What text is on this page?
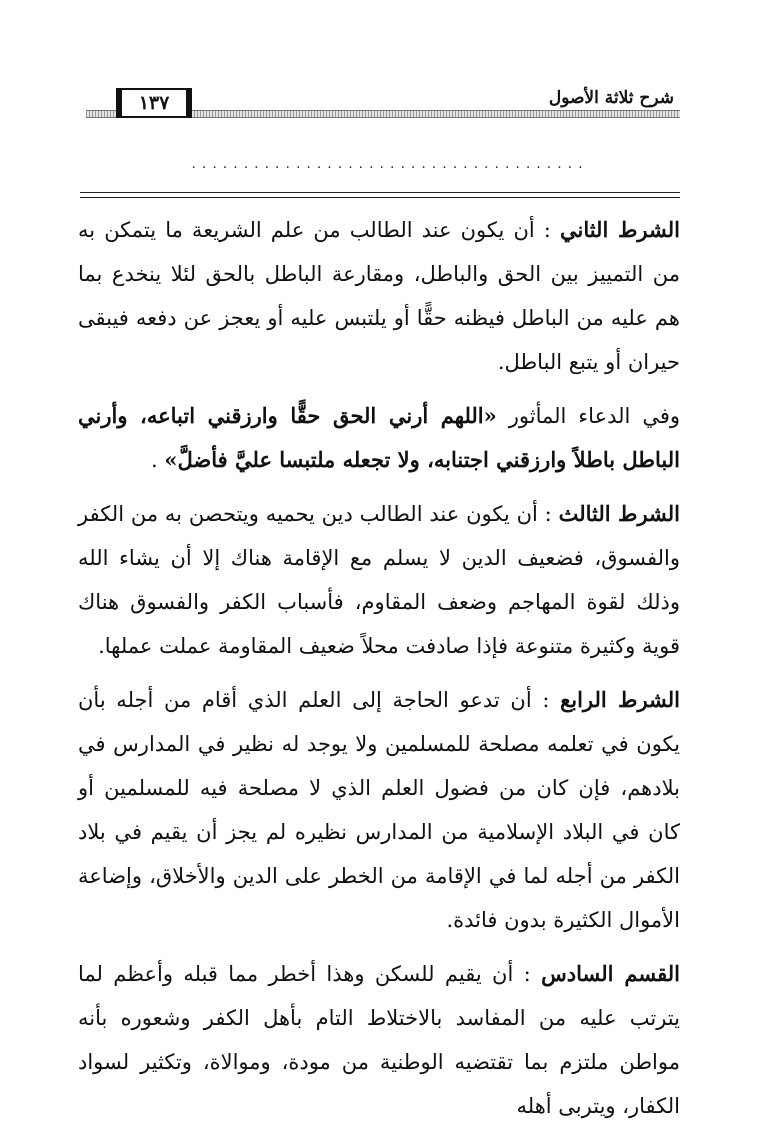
١٣٧	شرح ثلاثة الأصول
......................................

الشرط الثاني : أن يكون عند الطالب من علم الشريعة ما يتمكن به من التمييز بين الحق والباطل، ومقارعة الباطل بالحق لئلا ينخدع بما هم عليه من الباطل فيظنه حقًّا أو يلتبس عليه أو يعجز عن دفعه فيبقى حيران أو يتبع الباطل.

وفي الدعاء المأثور «اللهم أرني الحق حقًّا وارزقني اتباعه، وأرني الباطل باطلاً وارزقني اجتنابه، ولا تجعله ملتبسا عليَّ فأضلَّ» .

الشرط الثالث : أن يكون عند الطالب دين يحميه ويتحصن به من الكفر والفسوق، فضعيف الدين لا يسلم مع الإقامة هناك إلا أن يشاء الله وذلك لقوة المهاجم وضعف المقاوم، فأسباب الكفر والفسوق هناك قوية وكثيرة متنوعة فإذا صادفت محلاً ضعيف المقاومة عملت عملها.

الشرط الرابع : أن تدعو الحاجة إلى العلم الذي أقام من أجله بأن يكون في تعلمه مصلحة للمسلمين ولا يوجد له نظير في المدارس في بلادهم، فإن كان من فضول العلم الذي لا مصلحة فيه للمسلمين أو كان في البلاد الإسلامية من المدارس نظيره لم يجز أن يقيم في بلاد الكفر من أجله لما في الإقامة من الخطر على الدين والأخلاق، وإضاعة الأموال الكثيرة بدون فائدة.

القسم السادس : أن يقيم للسكن وهذا أخطر مما قبله وأعظم لما يترتب عليه من المفاسد بالاختلاط التام بأهل الكفر وشعوره بأنه مواطن ملتزم بما تقتضيه الوطنية من مودة، وموالاة، وتكثير لسواد الكفار، ويتربى أهله
